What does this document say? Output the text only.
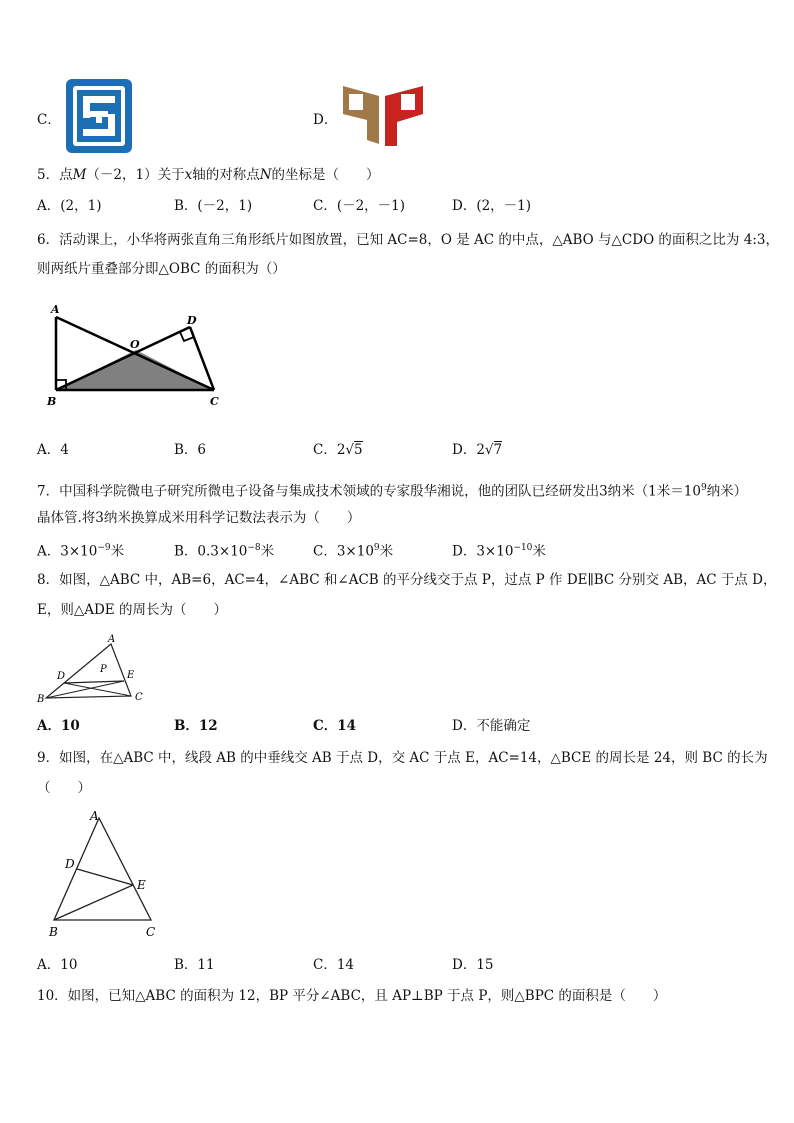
C．	D．
5．点M（－2，1）关于x轴的对称点N的坐标是（　　）
A．(2，1)	B．(－2，1)	C．(－2，－1)	D．(2，－1)
6．活动课上，小华将两张直角三角形纸片如图放置，已知 AC=8，O 是 AC 的中点，△ABO 与△CDO 的面积之比为 4:3，
则两纸片重叠部分即△OBC 的面积为（）
A
D
O
B	C
A．4	B．6	C．2√5	D．2√7
7．中国科学院微电子研究所微电子设备与集成技术领域的专家殷华湘说，他的团队已经研发出3纳米（1米$=10^9$纳米）
晶体管.将3纳米换算成米用科学记数法表示为（　　）
A．$3\times 10^{-9}$米	B．$0.3\times 10^{-8}$米	C．$3\times 10^9$米	D．$3\times 10^{-10}$米
8．如图，△ABC 中，AB=6，AC=4，∠ABC 和∠ACB 的平分线交于点 P，过点 P 作 DE∥BC 分别交 AB，AC 于点 D，
E，则△ADE 的周长为（　　）
A
D
P
E
B	C
A．10	B．12	C．14	D．不能确定
9．如图，在△ABC 中，线段 AB 的中垂线交 AB 于点 D，交 AC 于点 E，AC=14，△BCE 的周长是 24，则 BC 的长为
（　　）
A
D
E
B	C
A．10	B．11	C．14	D．15
10．如图，已知△ABC 的面积为 12，BP 平分∠ABC，且 AP⊥BP 于点 P，则△BPC 的面积是（　　）
